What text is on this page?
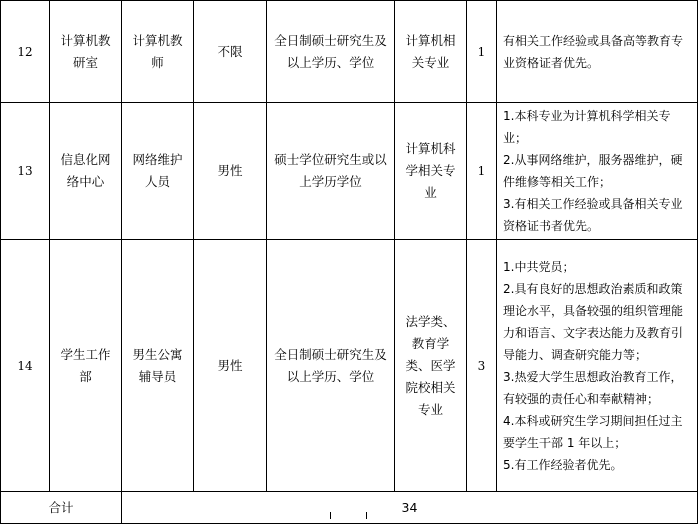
12	计算机教研室	计算机教师	不限	全日制硕士研究生及以上学历、学位	计算机相关专业	1	有相关工作经验或具备高等教育专业资格证者优先。

13	信息化网络中心	网络维护人员	男性	硕士学位研究生或以上学历学位	计算机科学相关专业	1	1.本科专业为计算机科学相关专业；
2.从事网络维护，服务器维护，硬件维修等相关工作；
3.有相关工作经验或具备相关专业资格证书者优先。

14	学生工作部	男生公寓辅导员	男性	全日制硕士研究生及以上学历、学位	法学类、教育学类、医学院校相关专业	3	1.中共党员；
2.具有良好的思想政治素质和政策理论水平，具备较强的组织管理能力和语言、文字表达能力及教育引导能力、调查研究能力等；
3.热爱大学生思想政治教育工作，有较强的责任心和奉献精神；
4.本科或研究生学习期间担任过主要学生干部 1 年以上；
5.有工作经验者优先。

合计		34					
